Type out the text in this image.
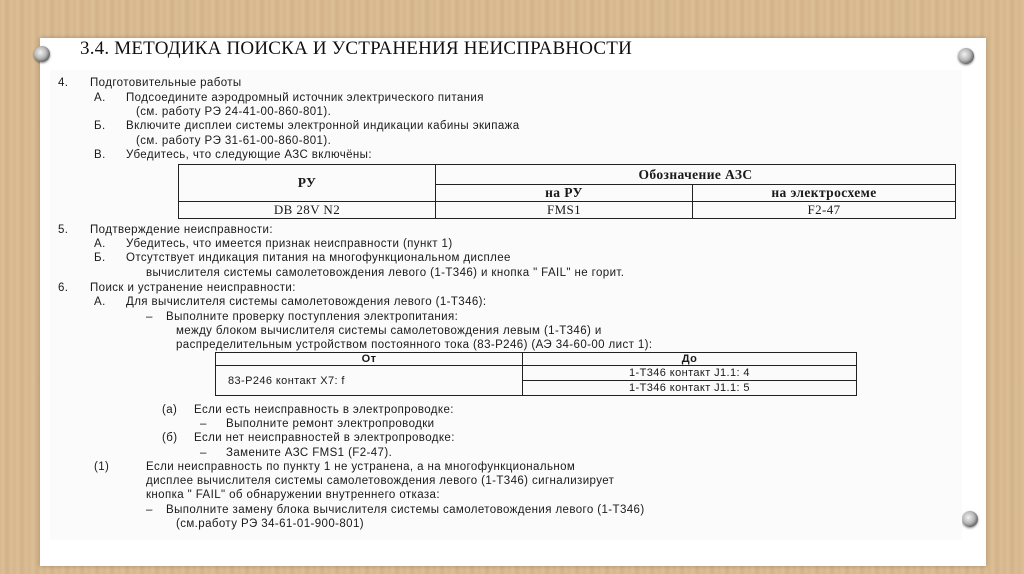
3.4. МЕТОДИКА ПОИСКА И УСТРАНЕНИЯ НЕИСПРАВНОСТИ
4. Подготовительные работы
А. Подсоедините аэродромный источник электрического питания
(см. работу РЭ 24-41-00-860-801).
Б. Включите дисплеи системы электронной индикации кабины экипажа
(см. работу РЭ 31-61-00-860-801).
В. Убедитесь, что следующие АЗС включёны:
РУ	Обозначение АЗС	
	на РУ	на электросхеме
DB 28V N2	FMS1	F2-47
5. Подтверждение неисправности:
А. Убедитесь, что имеется признак неисправности (пункт 1)
Б. Отсутствует индикация питания на многофункциональном дисплее
вычислителя системы самолетовождения левого (1-Т346) и кнопка " FAIL" не горит.
6. Поиск и устранение неисправности:
А. Для вычислителя системы самолетовождения левого (1-Т346):
– Выполните проверку поступления электропитания:
между блоком вычислителя системы самолетовождения левым (1-Т346) и
распределительным устройством постоянного тока (83-Р246) (АЭ 34-60-00 лист 1):
От	До
83-Р246 контакт X7: f	1-Т346 контакт J1.1: 4
	1-Т346 контакт J1.1: 5
(а) Если есть неисправность в электропроводке:
– Выполните ремонт электропроводки
(б) Если нет неисправностей в электропроводке:
– Замените АЗС FMS1 (F2-47).
(1)	Если неисправность по пункту 1 не устранена, а на многофункциональном
дисплее вычислителя системы самолетовождения левого (1-Т346) сигнализирует
кнопка " FAIL" об обнаружении внутреннего отказа:
– Выполните замену блока вычислителя системы самолетовождения левого (1-Т346)
(см.работу РЭ 34-61-01-900-801)
